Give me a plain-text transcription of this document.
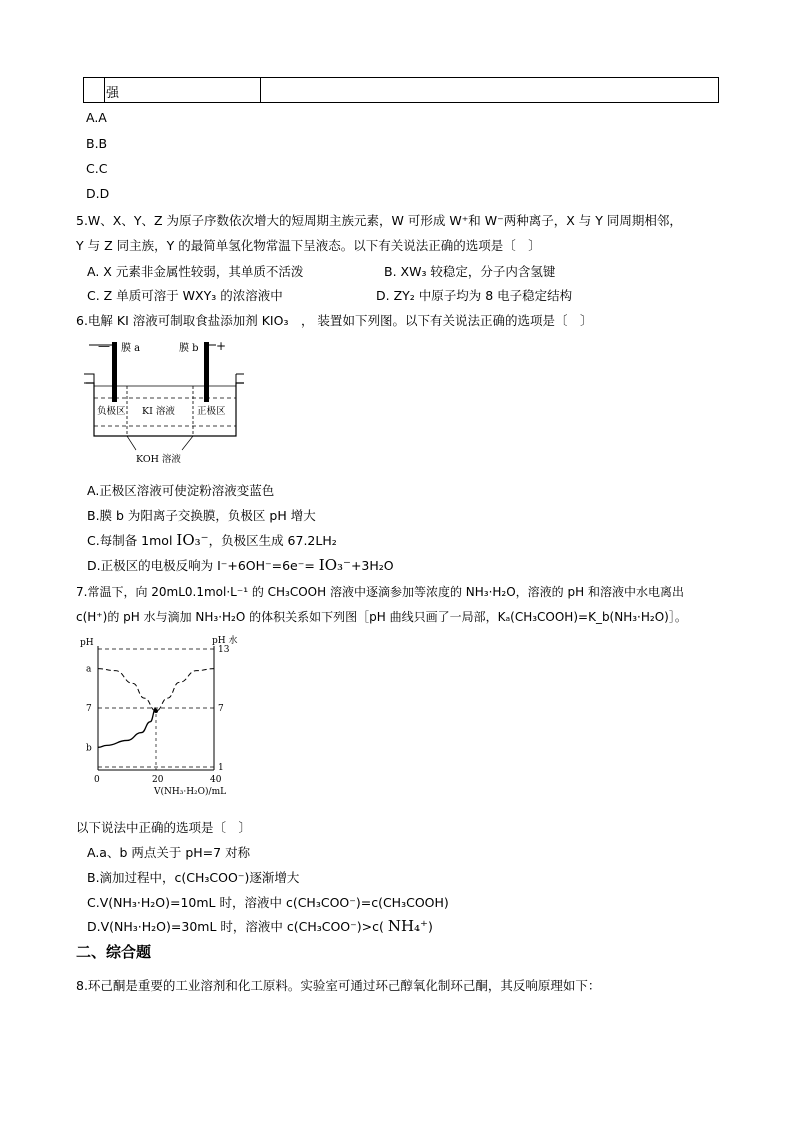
强
A.A
B.B
C.C
D.D
5.W、X、Y、Z 为原子序数依次增大的短周期主族元素，W 可形成 W⁺和 W⁻两种离子，X 与 Y 同周期相邻，
Y 与 Z 同主族，Y 的最简单氢化物常温下呈液态。以下有关说法正确的选项是〔　〕
A. X 元素非金属性较弱，其单质不活泼	B. XW₃ 较稳定，分子内含氢键
C. Z 单质可溶于 WXY₃ 的浓溶液中	D. ZY₂ 中原子均为 8 电子稳定结构
6.电解 KI 溶液可制取食盐添加剂 KIO₃　， 装置如下列图。以下有关说法正确的选项是〔　〕
—	+
膜 a	膜 b
负极区 KI 溶液 正极区
KOH 溶液
A.正极区溶液可使淀粉溶液变蓝色
B.膜 b 为阳离子交换膜，负极区 pH 增大
C.每制备 1mol IO₃⁻，负极区生成 67.2LH₂
D.正极区的电极反响为 I⁻+6OH⁻=6e⁻= IO₃⁻+3H₂O
7.常温下，向 20mL0.1mol·L⁻¹ 的 CH₃COOH 溶液中逐滴参加等浓度的 NH₃·H₂O，溶液的 pH 和溶液中水电离出
c(H⁺)的 pH 水与滴加 NH₃·H₂O 的体积关系如下列图［pH 曲线只画了一局部，Kₐ(CH₃COOH)=K_b(NH₃·H₂O)］。
pH	pH 水
V(NH₃·H₂O)/mL
a
7
b
13
7
1
0	20	40
以下说法中正确的选项是〔　〕
A.a、b 两点关于 pH=7 对称
B.滴加过程中，c(CH₃COO⁻)逐渐增大
C.V(NH₃·H₂O)=10mL 时，溶液中 c(CH₃COO⁻)=c(CH₃COOH)
D.V(NH₃·H₂O)=30mL 时，溶液中 c(CH₃COO⁻)>c( NH₄⁺)
二、综合题
8.环己酮是重要的工业溶剂和化工原料。实验室可通过环己醇氧化制环己酮，其反响原理如下：
